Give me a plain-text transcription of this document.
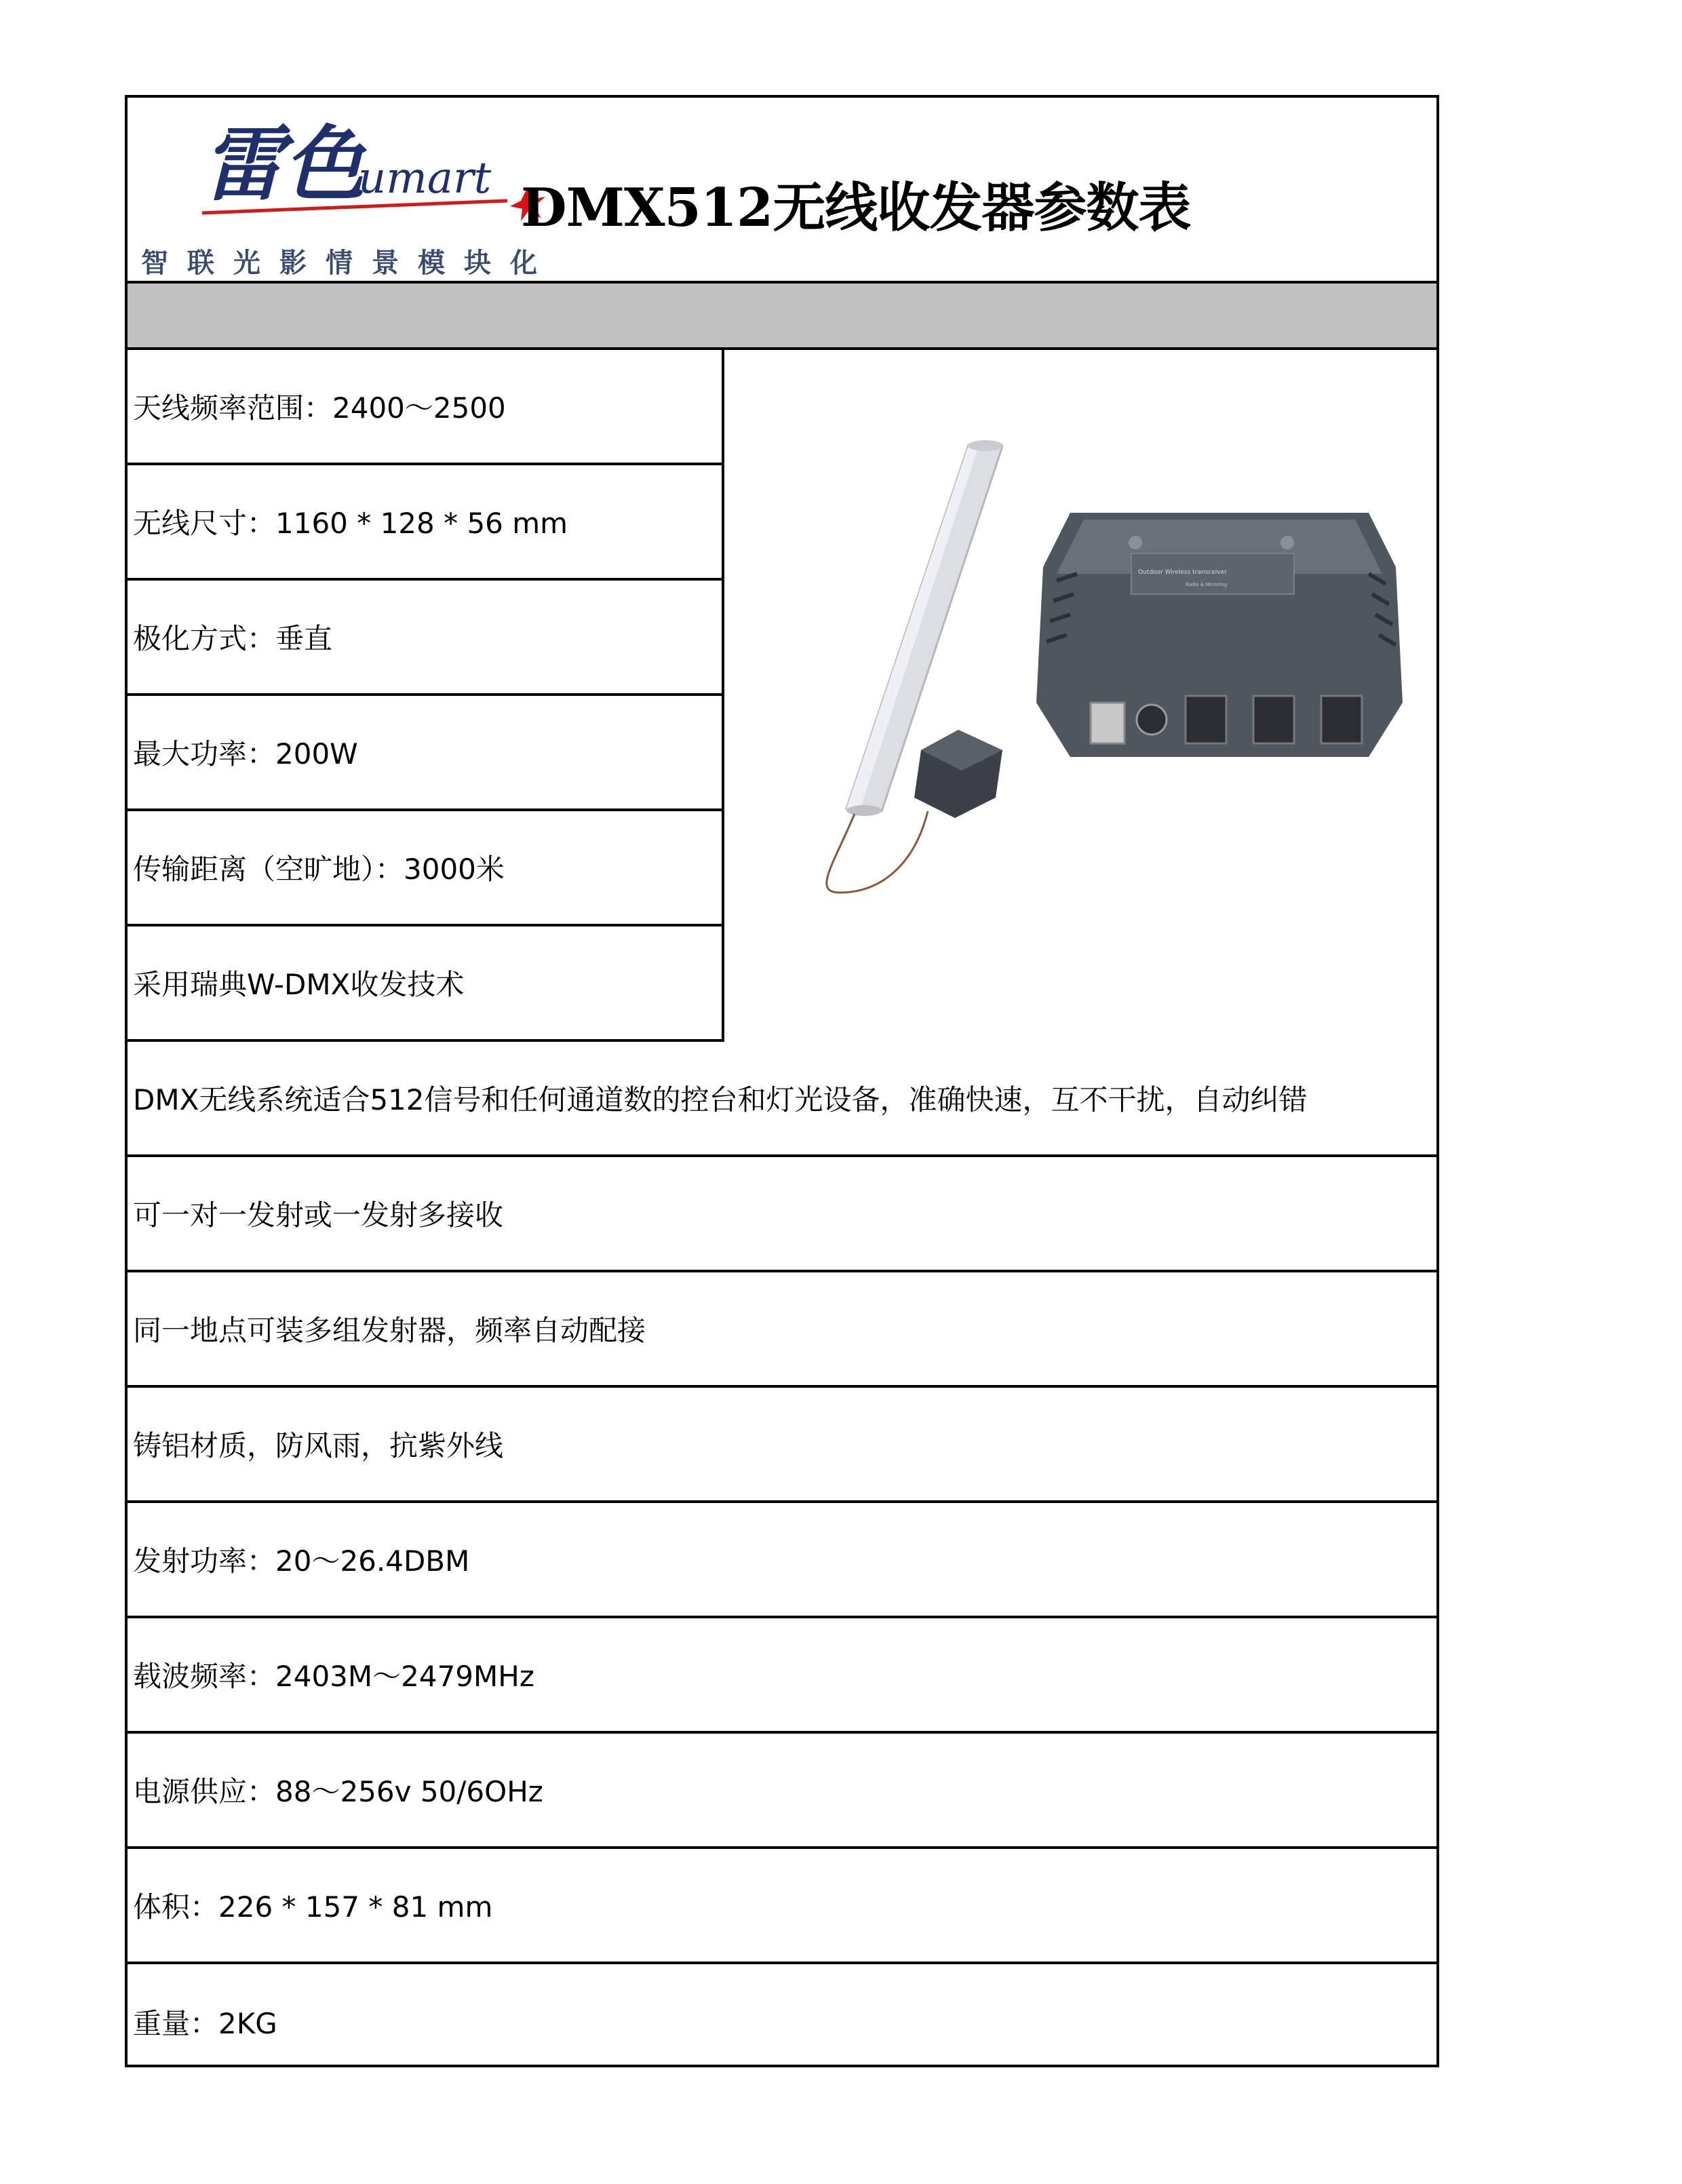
雷色
umart DMX512无线收发器参数表
智联光影情景模块化
天线频率范围：2400～2500
无线尺寸：1160 * 128 * 56 mm
极化方式：垂直
最大功率：200W
传输距离（空旷地）：3000米
采用瑞典W-DMX收发技术
Outdoor Wireless transceiver
Radio & Mirroring
DMX无线系统适合512信号和任何通道数的控台和灯光设备，准确快速，互不干扰，自动纠错
可一对一发射或一发射多接收
同一地点可装多组发射器，频率自动配接
铸铝材质，防风雨，抗紫外线
发射功率：20～26.4DBM
载波频率：2403M～2479MHz
电源供应：88～256v 50/6OHz
体积：226 * 157 * 81 mm
重量：2KG
